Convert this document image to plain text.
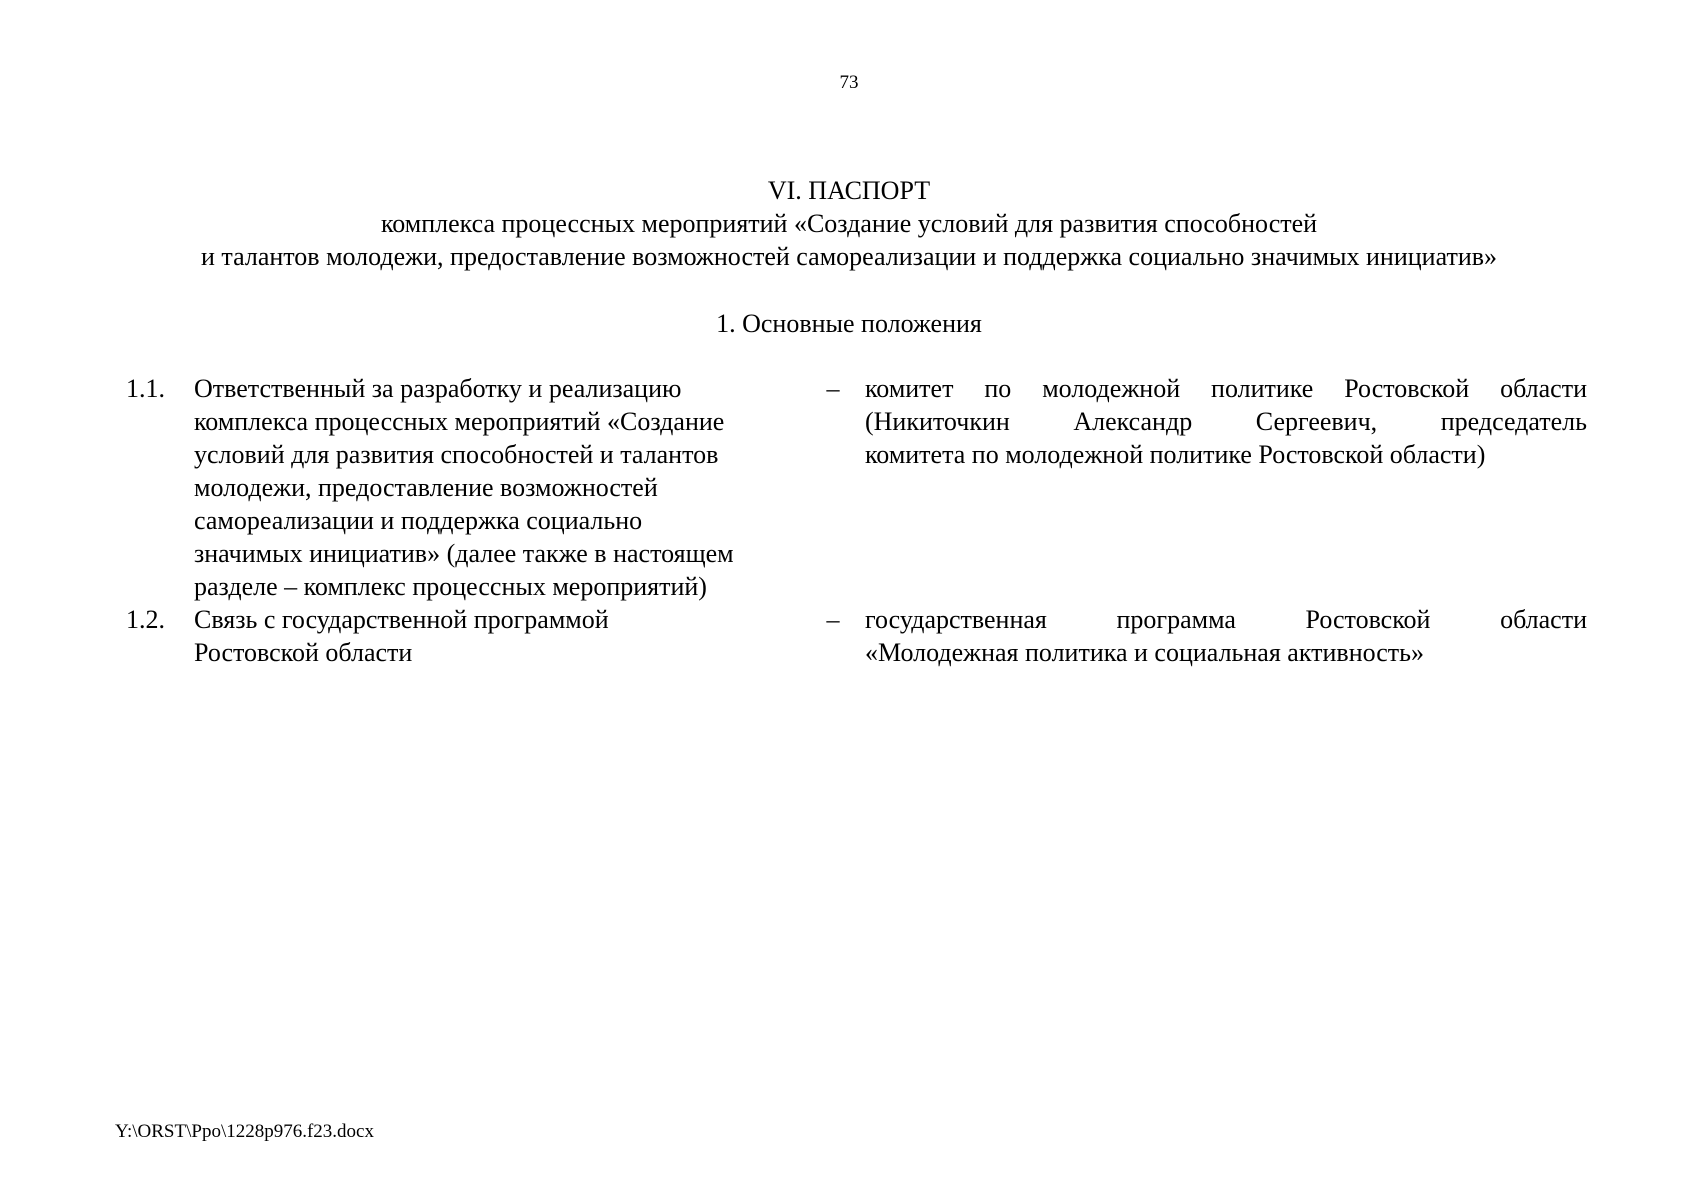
73
VI. ПАСПОРТ
комплекса процессных мероприятий «Создание условий для развития способностей
и талантов молодежи, предоставление возможностей самореализации и поддержка социально значимых инициатив»
1. Основные положения
1.1.	Ответственный за разработку и реализацию
комплекса процессных мероприятий «Создание
условий для развития способностей и талантов
молодежи, предоставление возможностей
самореализации и поддержка социально
значимых инициатив» (далее также в настоящем
разделе – комплекс процессных мероприятий)
– комитет по молодежной политике Ростовской области
(Никиточкин Александр Сергеевич, председатель
комитета по молодежной политике Ростовской области)
1.2.	Связь с государственной программой
Ростовской области
– государственная программа Ростовской области
«Молодежная политика и социальная активность»
Y:\ORST\Ppo\1228p976.f23.docx
